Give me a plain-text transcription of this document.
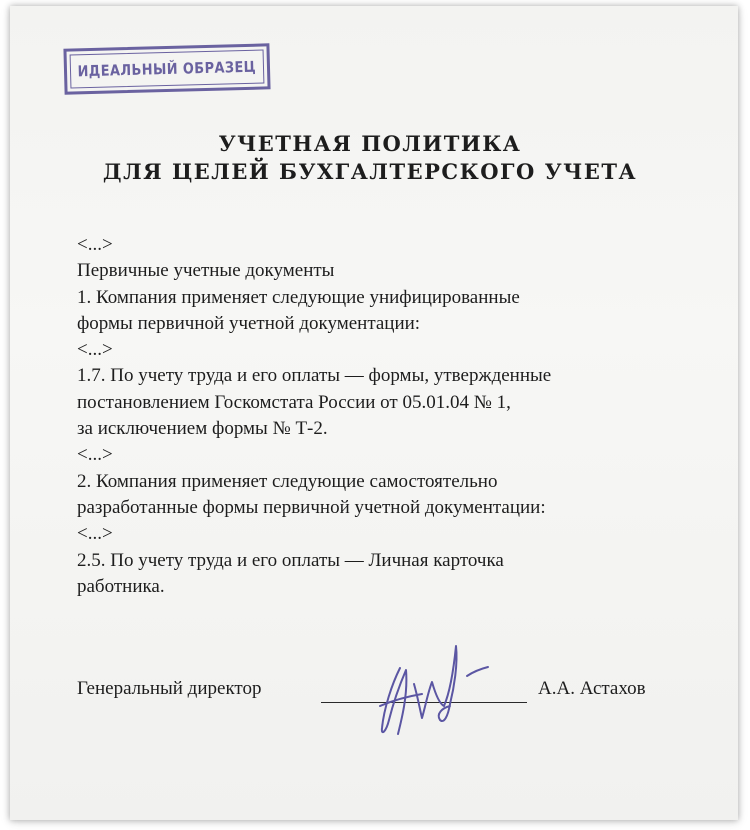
ИДЕАЛЬНЫЙ ОБРАЗЕЦ
УЧЕТНАЯ ПОЛИТИКА
ДЛЯ ЦЕЛЕЙ БУХГАЛТЕРСКОГО УЧЕТА
<...>
Первичные учетные документы
1. Компания применяет следующие унифицированные
формы первичной учетной документации:
<...>
1.7. По учету труда и его оплаты — формы, утвержденные
постановлением Госкомстата России от 05.01.04 № 1,
за исключением формы № Т-2.
<...>
2. Компания применяет следующие самостоятельно
разработанные формы первичной учетной документации:
<...>
2.5. По учету труда и его оплаты — Личная карточка
работника.
Генеральный директор	А.А. Астахов
